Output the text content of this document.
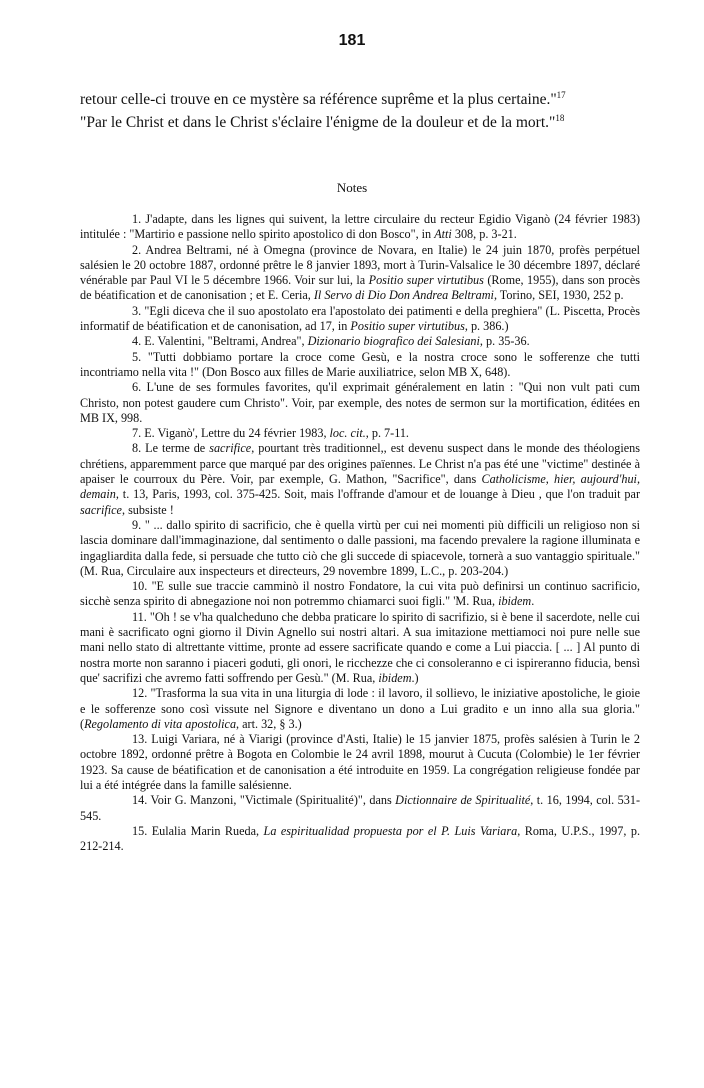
181
retour celle-ci trouve en ce mystère sa référence suprême et la plus certaine."$^{17}$
"Par le Christ et dans le Christ s'éclaire l'énigme de la douleur et de la mort."$^{18}$
Notes

1. J'adapte, dans les lignes qui suivent, la lettre circulaire du recteur Egidio Viganò (24 février 1983) intitulée : "Martirio e passione nello spirito apostolico di don Bosco", in Atti 308, p. 3-21.

2. Andrea Beltrami, né à Omegna (province de Novara, en Italie) le 24 juin 1870, profès perpétuel salésien le 20 octobre 1887, ordonné prêtre le 8 janvier 1893, mort à Turin-Valsalice le 30 décembre 1897, déclaré vénérable par Paul VI le 5 décembre 1966. Voir sur lui, la Positio super virtutibus (Rome, 1955), dans son procès de béatification et de canonisation ; et E. Ceria, Il Servo di Dio Don Andrea Beltrami, Torino, SEI, 1930, 252 p.

3. "Egli diceva che il suo apostolato era l'apostolato dei patimenti e della preghiera" (L. Piscetta, Procès informatif de béatification et de canonisation, ad 17, in Positio super virtutibus, p. 386.)

4. E. Valentini, "Beltrami, Andrea", Dizionario biografico dei Salesiani, p. 35-36.

5. "Tutti dobbiamo portare la croce come Gesù, e la nostra croce sono le sofferenze che tutti incontriamo nella vita !" (Don Bosco aux filles de Marie auxiliatrice, selon MB X, 648).

6. L'une de ses formules favorites, qu'il exprimait généralement en latin : "Qui non vult pati cum Christo, non potest gaudere cum Christo". Voir, par exemple, des notes de sermon sur la mortification, éditées en MB IX, 998.

7. E. Viganò', Lettre du 24 février 1983, loc. cit., p. 7-11.

8. Le terme de sacrifice, pourtant très traditionnel,, est devenu suspect dans le monde des théologiens chrétiens, apparemment parce que marqué par des origines païennes. Le Christ n'a pas été une "victime" destinée à apaiser le courroux du Père. Voir, par exemple, G. Mathon, "Sacrifice", dans Catholicisme, hier, aujourd'hui, demain, t. 13, Paris, 1993, col. 375-425. Soit, mais l'offrande d'amour et de louange à Dieu , que l'on traduit par sacrifice, subsiste !

9. " ... dallo spirito di sacrificio, che è quella virtù per cui nei momenti più difficili un religioso non si lascia dominare dall'immaginazione, dal sentimento o dalle passioni, ma facendo prevalere la ragione illuminata e ingagliardita dalla fede, si persuade che tutto ciò che gli succede di spiacevole, tornerà a suo vantaggio spirituale."(M. Rua, Circulaire aux inspecteurs et directeurs, 29 novembre 1899, L.C., p. 203-204.)

10. "E sulle sue traccie camminò il nostro Fondatore, la cui vita può definirsi un continuo sacrificio, sicchè senza spirito di abnegazione noi non potremmo chiamarci suoi figli." 'M. Rua, ibidem.

11. "Oh ! se v'ha qualcheduno che debba praticare lo spirito di sacrifizio, si è bene il sacerdote, nelle cui mani è sacrificato ogni giorno il Divin Agnello sui nostri altari. A sua imitazione mettiamoci noi pure nelle sue mani nello stato di altrettante vittime, pronte ad essere sacrificate quando e come a Lui piaccia. [ ... ] Al punto di nostra morte non saranno i piaceri goduti, gli onori, le ricchezze che ci consoleranno e ci ispireranno fiducia, bensì que' sacrifizi che avremo fatti soffrendo per Gesù." (M. Rua, ibidem.)

12. "Trasforma la sua vita in una liturgia di lode : il lavoro, il sollievo, le iniziative apostoliche, le gioie e le sofferenze sono così vissute nel Signore e diventano un dono a Lui gradito e un inno alla sua gloria." (Regolamento di vita apostolica, art. 32, § 3.)

13. Luigi Variara, né à Viarigi (province d'Asti, Italie) le 15 janvier 1875, profès salésien à Turin le 2 octobre 1892, ordonné prêtre à Bogota en Colombie le 24 avril 1898, mourut à Cucuta (Colombie) le 1er février 1923. Sa cause de béatification et de canonisation a été introduite en 1959. La congrégation religieuse fondée par lui a été intégrée dans la famille salésienne.

14. Voir G. Manzoni, "Victimale (Spiritualité)", dans Dictionnaire de Spiritualité, t. 16, 1994, col. 531-545.

15. Eulalia Marin Rueda, La espiritualidad propuesta por el P. Luis Variara, Roma, U.P.S., 1997, p. 212-214.
